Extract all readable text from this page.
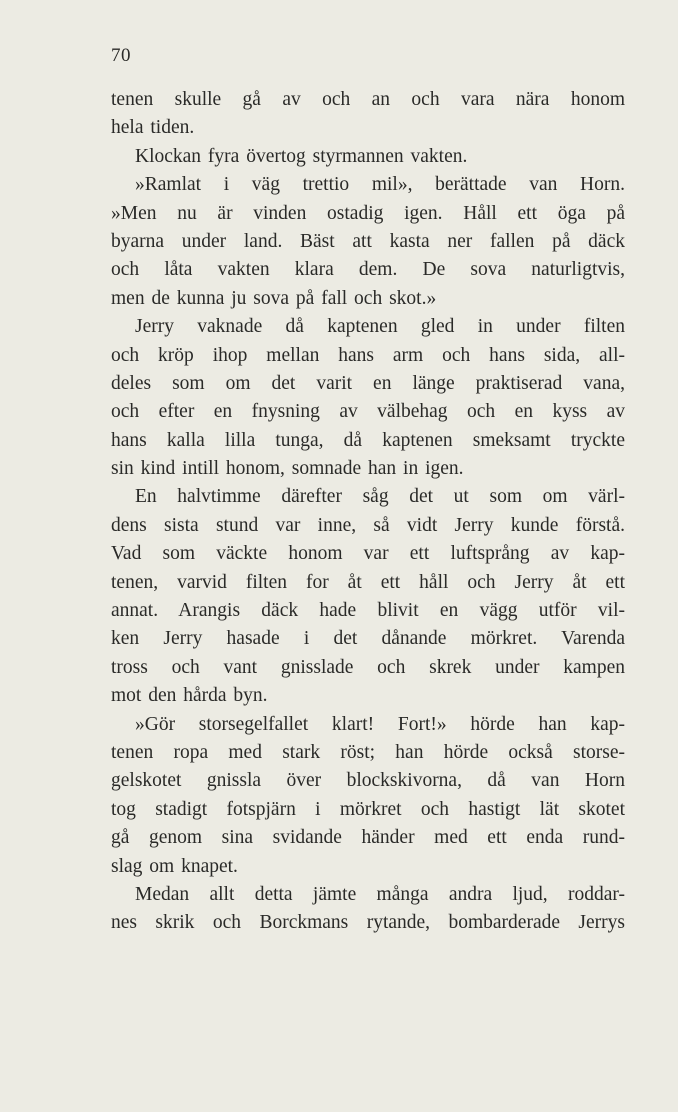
70
tenen skulle gå av och an och vara nära honom
hela tiden.
Klockan fyra övertog styrmannen vakten.
»Ramlat i väg trettio mil», berättade van Horn.
»Men nu är vinden ostadig igen. Håll ett öga på
byarna under land. Bäst att kasta ner fallen på däck
och låta vakten klara dem. De sova naturligtvis,
men de kunna ju sova på fall och skot.»
Jerry vaknade då kaptenen gled in under filten
och kröp ihop mellan hans arm och hans sida, all-
deles som om det varit en länge praktiserad vana,
och efter en fnysning av välbehag och en kyss av
hans kalla lilla tunga, då kaptenen smeksamt tryckte
sin kind intill honom, somnade han in igen.
En halvtimme därefter såg det ut som om värl-
dens sista stund var inne, så vidt Jerry kunde förstå.
Vad som väckte honom var ett luftsprång av kap-
tenen, varvid filten for åt ett håll och Jerry åt ett
annat. Arangis däck hade blivit en vägg utför vil-
ken Jerry hasade i det dånande mörkret. Varenda
tross och vant gnisslade och skrek under kampen
mot den hårda byn.
»Gör storsegelfallet klart! Fort!» hörde han kap-
tenen ropa med stark röst; han hörde också storse-
gelskotet gnissla över blockskivorna, då van Horn
tog stadigt fotspjärn i mörkret och hastigt lät skotet
gå genom sina svidande händer med ett enda rund-
slag om knapet.
Medan allt detta jämte många andra ljud, roddar-
nes skrik och Borckmans rytande, bombarderade Jerrys
